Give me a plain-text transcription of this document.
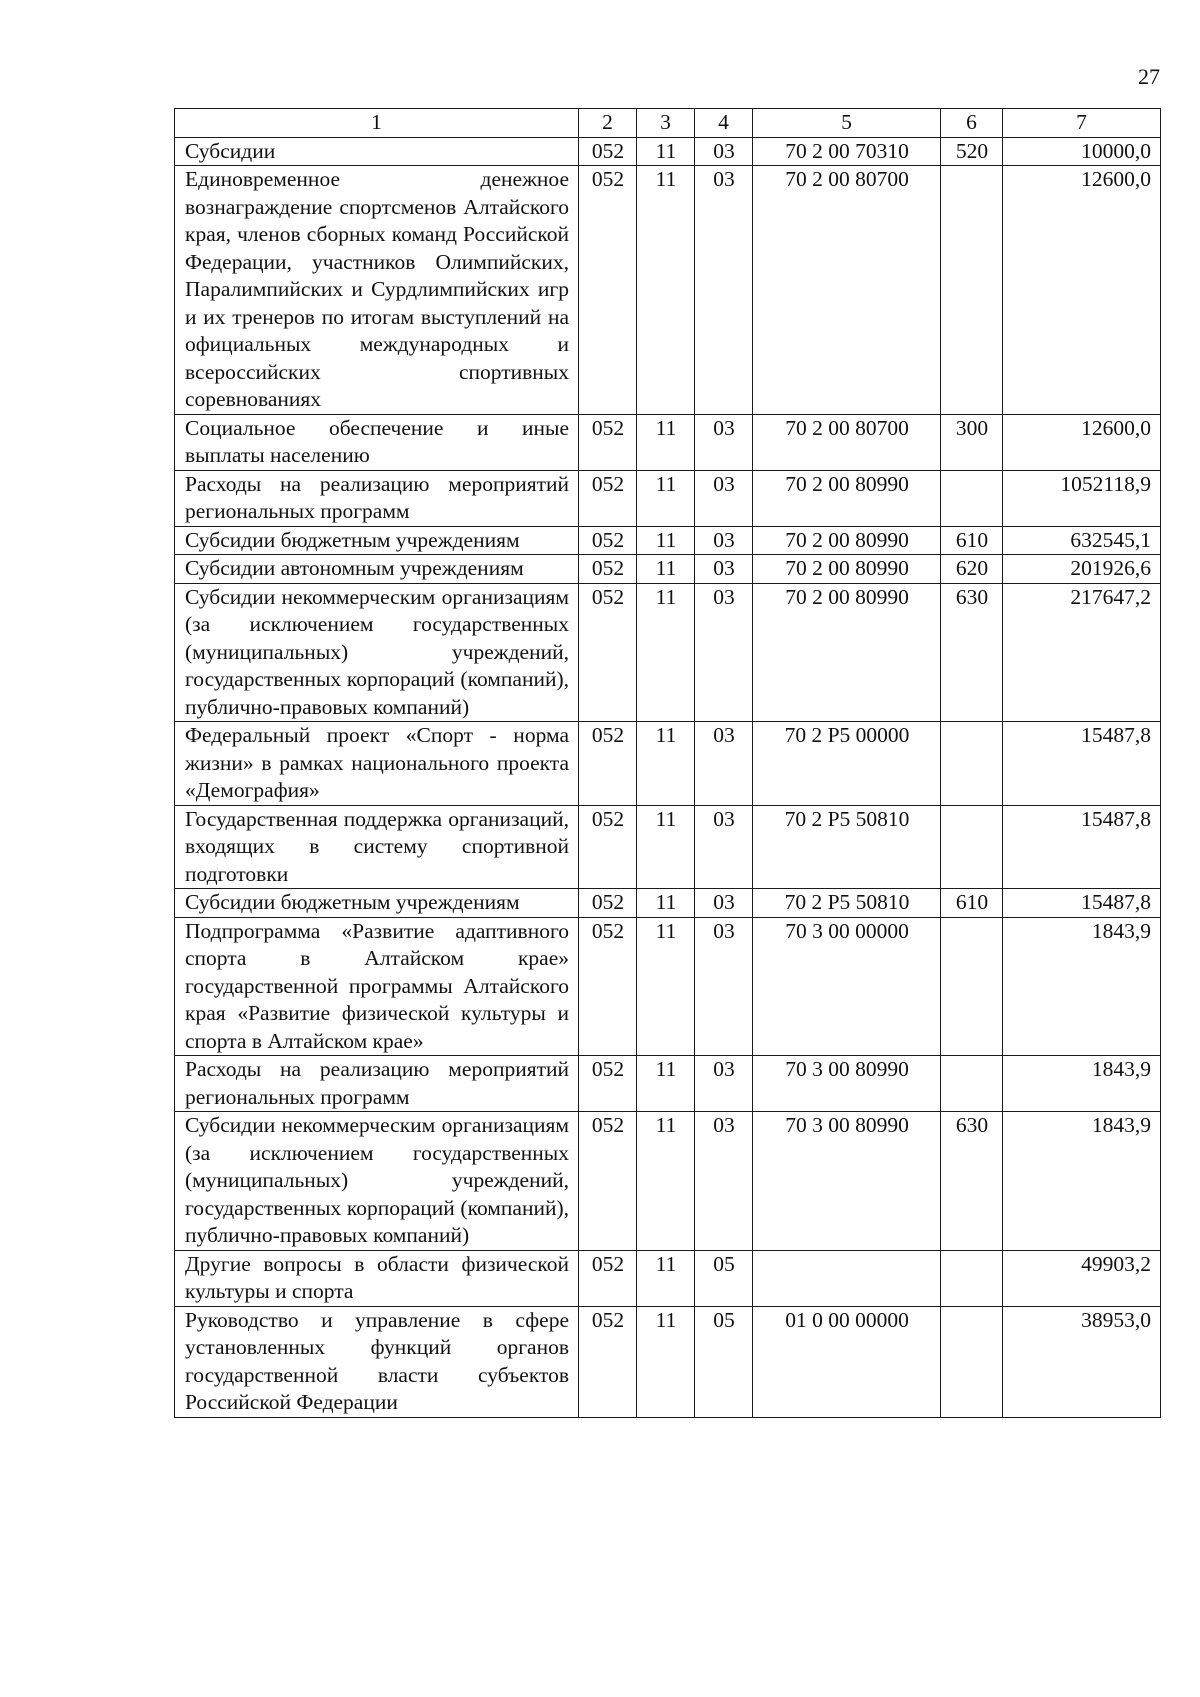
27
1	2	3	4	5	6	7
Субсидии	052	11	03	70 2 00 70310	520	10000,0
Единовременное денежное вознаграждение спортсменов Алтайского края, членов сборных команд Российской Федерации, участников Олимпийских, Паралимпийских и Сурдлимпийских игр и их тренеров по итогам выступлений на официальных международных и всероссийских спортивных соревнованиях	052	11	03	70 2 00 80700		12600,0
Социальное обеспечение и иные выплаты населению	052	11	03	70 2 00 80700	300	12600,0
Расходы на реализацию мероприятий региональных программ	052	11	03	70 2 00 80990		1052118,9
Субсидии бюджетным учреждениям	052	11	03	70 2 00 80990	610	632545,1
Субсидии автономным учреждениям	052	11	03	70 2 00 80990	620	201926,6
Субсидии некоммерческим организациям (за исключением государственных (муниципальных) учреждений, государственных корпораций (компаний), публично-правовых компаний)	052	11	03	70 2 00 80990	630	217647,2
Федеральный проект «Спорт - норма жизни» в рамках национального проекта «Демография»	052	11	03	70 2 P5 00000		15487,8
Государственная поддержка организаций, входящих в систему спортивной подготовки	052	11	03	70 2 P5 50810		15487,8
Субсидии бюджетным учреждениям	052	11	03	70 2 P5 50810	610	15487,8
Подпрограмма «Развитие адаптивного спорта в Алтайском крае» государственной программы Алтайского края «Развитие физической культуры и спорта в Алтайском крае»	052	11	03	70 3 00 00000		1843,9
Расходы на реализацию мероприятий региональных программ	052	11	03	70 3 00 80990		1843,9
Субсидии некоммерческим организациям (за исключением государственных (муниципальных) учреждений, государственных корпораций (компаний), публично-правовых компаний)	052	11	03	70 3 00 80990	630	1843,9
Другие вопросы в области физической культуры и спорта	052	11	05			49903,2
Руководство и управление в сфере установленных функций органов государственной власти субъектов Российской Федерации	052	11	05	01 0 00 00000		38953,0
